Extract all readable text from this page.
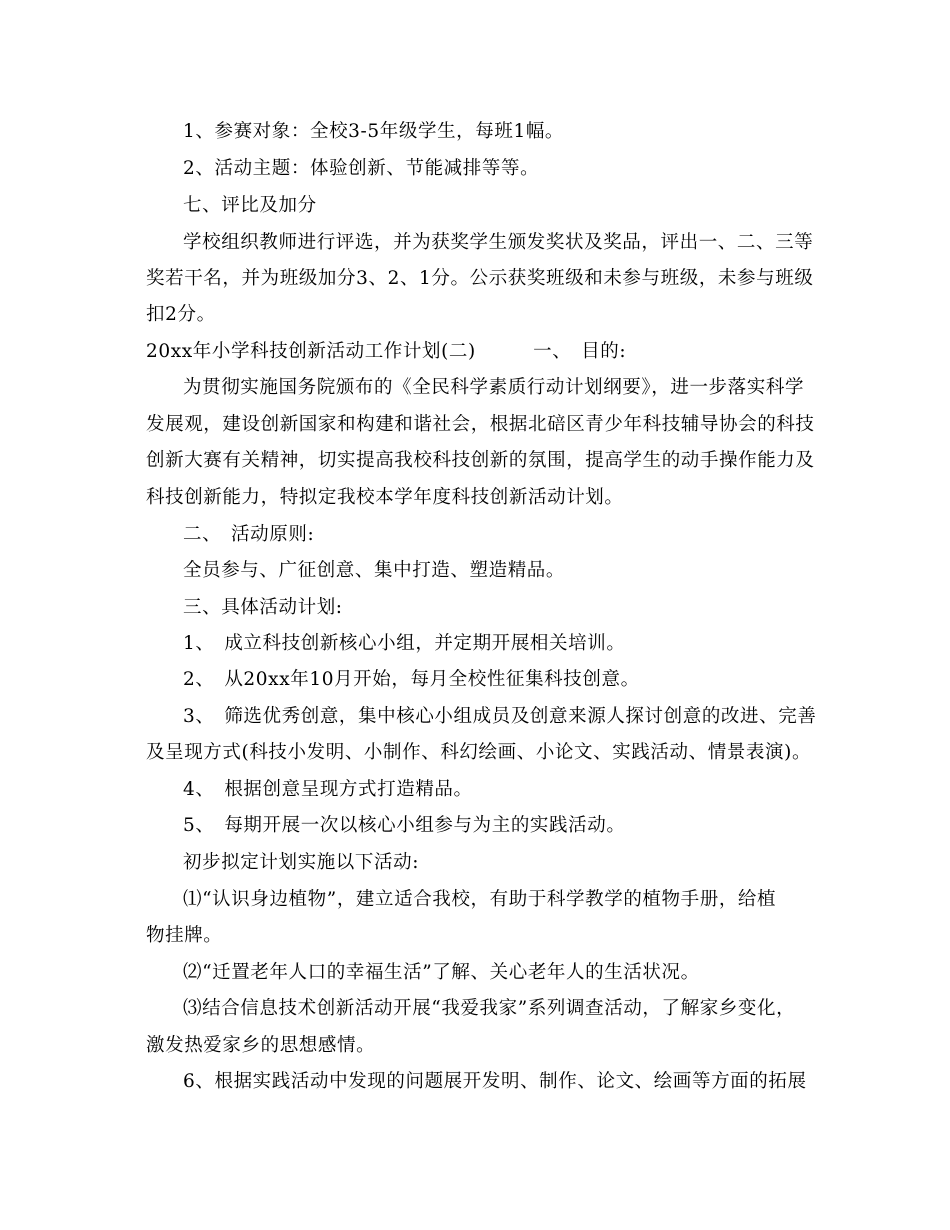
1、参赛对象：全校3-5年级学生，每班1幅。
2、活动主题：体验创新、节能减排等等。
七、评比及加分
学校组织教师进行评选，并为获奖学生颁发奖状及奖品，评出一、二、三等
奖若干名，并为班级加分3、2、1分。公示获奖班级和未参与班级，未参与班级
扣2分。
20xx年小学科技创新活动工作计划(二)　　　一、　目的:
为贯彻实施国务院颁布的《全民科学素质行动计划纲要》，进一步落实科学
发展观，建设创新国家和构建和谐社会，根据北碚区青少年科技辅导协会的科技
创新大赛有关精神，切实提高我校科技创新的氛围，提高学生的动手操作能力及
科技创新能力，特拟定我校本学年度科技创新活动计划。
二、　活动原则:
全员参与、广征创意、集中打造、塑造精品。
三、具体活动计划:
1、　成立科技创新核心小组，并定期开展相关培训。
2、　从20xx年10月开始，每月全校性征集科技创意。
3、　筛选优秀创意，集中核心小组成员及创意来源人探讨创意的改进、完善
及呈现方式(科技小发明、小制作、科幻绘画、小论文、实践活动、情景表演)。
4、　根据创意呈现方式打造精品。
5、　每期开展一次以核心小组参与为主的实践活动。
初步拟定计划实施以下活动:
⑴“认识身边植物”，建立适合我校，有助于科学教学的植物手册，给植
物挂牌。
⑵“迁置老年人口的幸福生活”了解、关心老年人的生活状况。
⑶结合信息技术创新活动开展“我爱我家”系列调查活动，了解家乡变化，
激发热爱家乡的思想感情。
6、根据实践活动中发现的问题展开发明、制作、论文、绘画等方面的拓展
